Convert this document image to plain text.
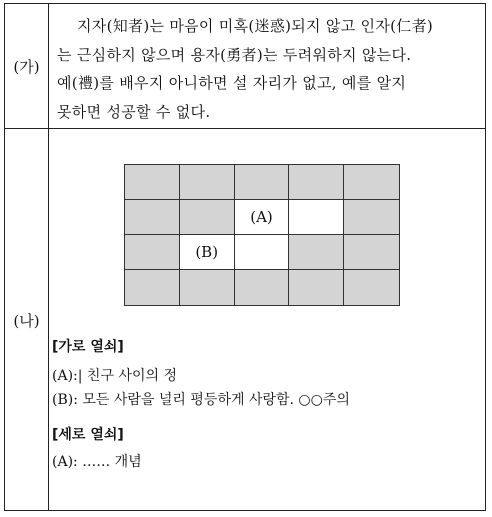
(가)
(나)
지자(知者)는 마음이 미혹(迷惑)되지 않고 인자(仁者)
는 근심하지 않으며 용자(勇者)는 두려워하지 않는다.
예(禮)를 배우지 아니하면 설 자리가 없고, 예를 알지
못하면 성공할 수 없다.
(A)
(B)
[가로 열쇠]
(A):| 친구 사이의 정
(B): 모든 사람을 널리 평등하게 사랑함. ○○주의
[세로 열쇠]
(A): …… 개념
